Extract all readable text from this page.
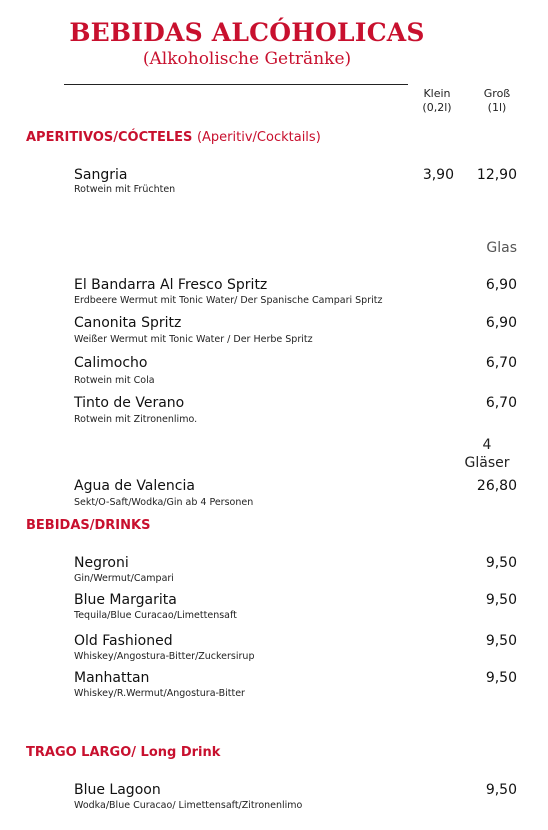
BEBIDAS ALCÓHOLICAS
(Alkoholische Getränke)
Klein
(0,2l)
Groß
(1l)
APERITIVOS/CÓCTELES (Aperitiv/Cocktails)
Sangria
Rotwein mit Früchten
3,90 12,90
Glas
El Bandarra Al Fresco Spritz
Erdbeere Wermut mit Tonic Water/ Der Spanische Campari Spritz
6,90
Canonita Spritz
Weißer Wermut mit Tonic Water / Der Herbe Spritz
6,90
Calimocho
Rotwein mit Cola
6,70
Tinto de Verano
Rotwein mit Zitronenlimo.
6,70
4
Gläser
Agua de Valencia
Sekt/O-Saft/Wodka/Gin ab 4 Personen
26,80
BEBIDAS/DRINKS
Negroni
Gin/Wermut/Campari
9,50
Blue Margarita
Tequila/Blue Curacao/Limettensaft
9,50
Old Fashioned
Whiskey/Angostura-Bitter/Zuckersirup
9,50
Manhattan
Whiskey/R.Wermut/Angostura-Bitter
9,50
TRAGO LARGO/ Long Drink
Blue Lagoon
Wodka/Blue Curacao/ Limettensaft/Zitronenlimo
9,50
